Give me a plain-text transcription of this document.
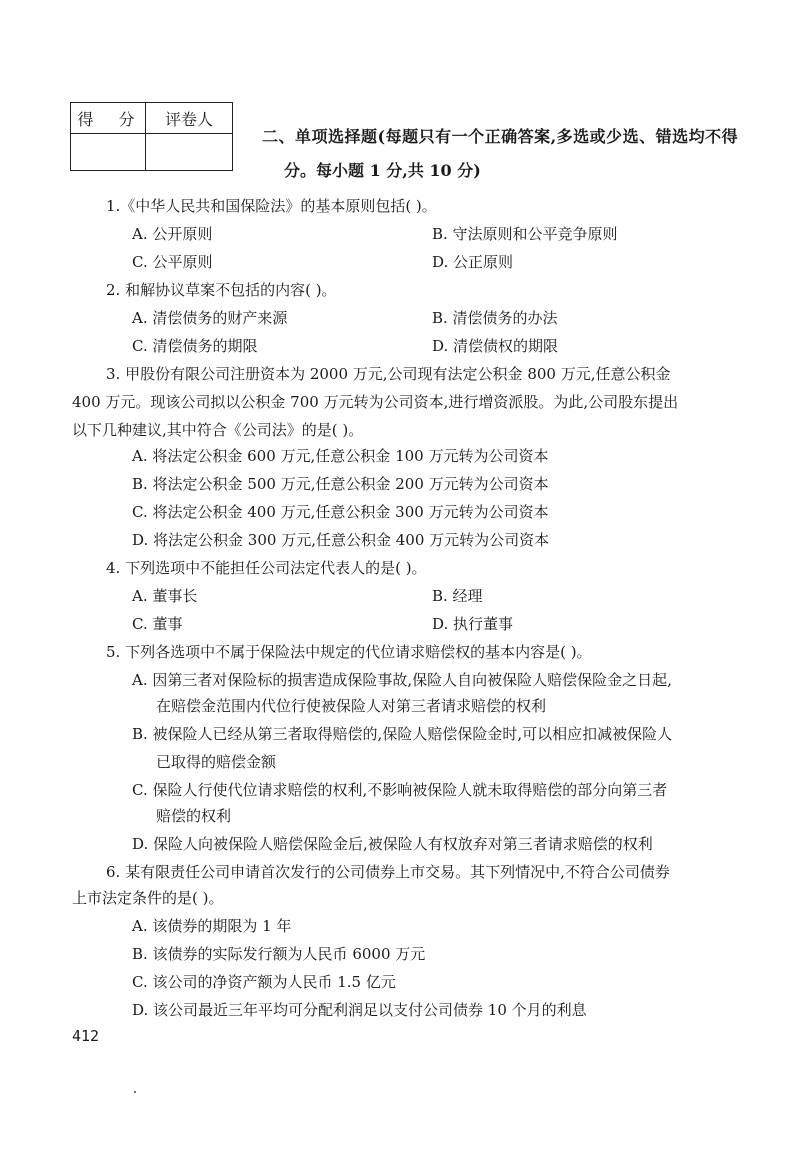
得 分	评卷人

二、单项选择题(每题只有一个正确答案,多选或少选、错选均不得
分。每小题 1 分,共 10 分)
1.《中华人民共和国保险法》的基本原则包括( )。
A. 公开原则	B. 守法原则和公平竞争原则
C. 公平原则	D. 公正原则
2. 和解协议草案不包括的内容( )。
A. 清偿债务的财产来源	B. 清偿债务的办法
C. 清偿债务的期限	D. 清偿债权的期限
3. 甲股份有限公司注册资本为 2000 万元,公司现有法定公积金 800 万元,任意公积金
400 万元。现该公司拟以公积金 700 万元转为公司资本,进行增资派股。为此,公司股东提出
以下几种建议,其中符合《公司法》的是( )。
A. 将法定公积金 600 万元,任意公积金 100 万元转为公司资本
B. 将法定公积金 500 万元,任意公积金 200 万元转为公司资本
C. 将法定公积金 400 万元,任意公积金 300 万元转为公司资本
D. 将法定公积金 300 万元,任意公积金 400 万元转为公司资本
4. 下列选项中不能担任公司法定代表人的是( )。
A. 董事长	B. 经理
C. 董事	D. 执行董事
5. 下列各选项中不属于保险法中规定的代位请求赔偿权的基本内容是( )。
A. 因第三者对保险标的损害造成保险事故,保险人自向被保险人赔偿保险金之日起,
在赔偿金范围内代位行使被保险人对第三者请求赔偿的权利
B. 被保险人已经从第三者取得赔偿的,保险人赔偿保险金时,可以相应扣减被保险人
已取得的赔偿金额
C. 保险人行使代位请求赔偿的权利,不影响被保险人就未取得赔偿的部分向第三者
赔偿的权利
D. 保险人向被保险人赔偿保险金后,被保险人有权放弃对第三者请求赔偿的权利
6. 某有限责任公司申请首次发行的公司债券上市交易。其下列情况中,不符合公司债券
上市法定条件的是( )。
A. 该债券的期限为 1 年
B. 该债券的实际发行额为人民币 6000 万元
C. 该公司的净资产额为人民币 1.5 亿元
D. 该公司最近三年平均可分配利润足以支付公司债券 10 个月的利息
412
